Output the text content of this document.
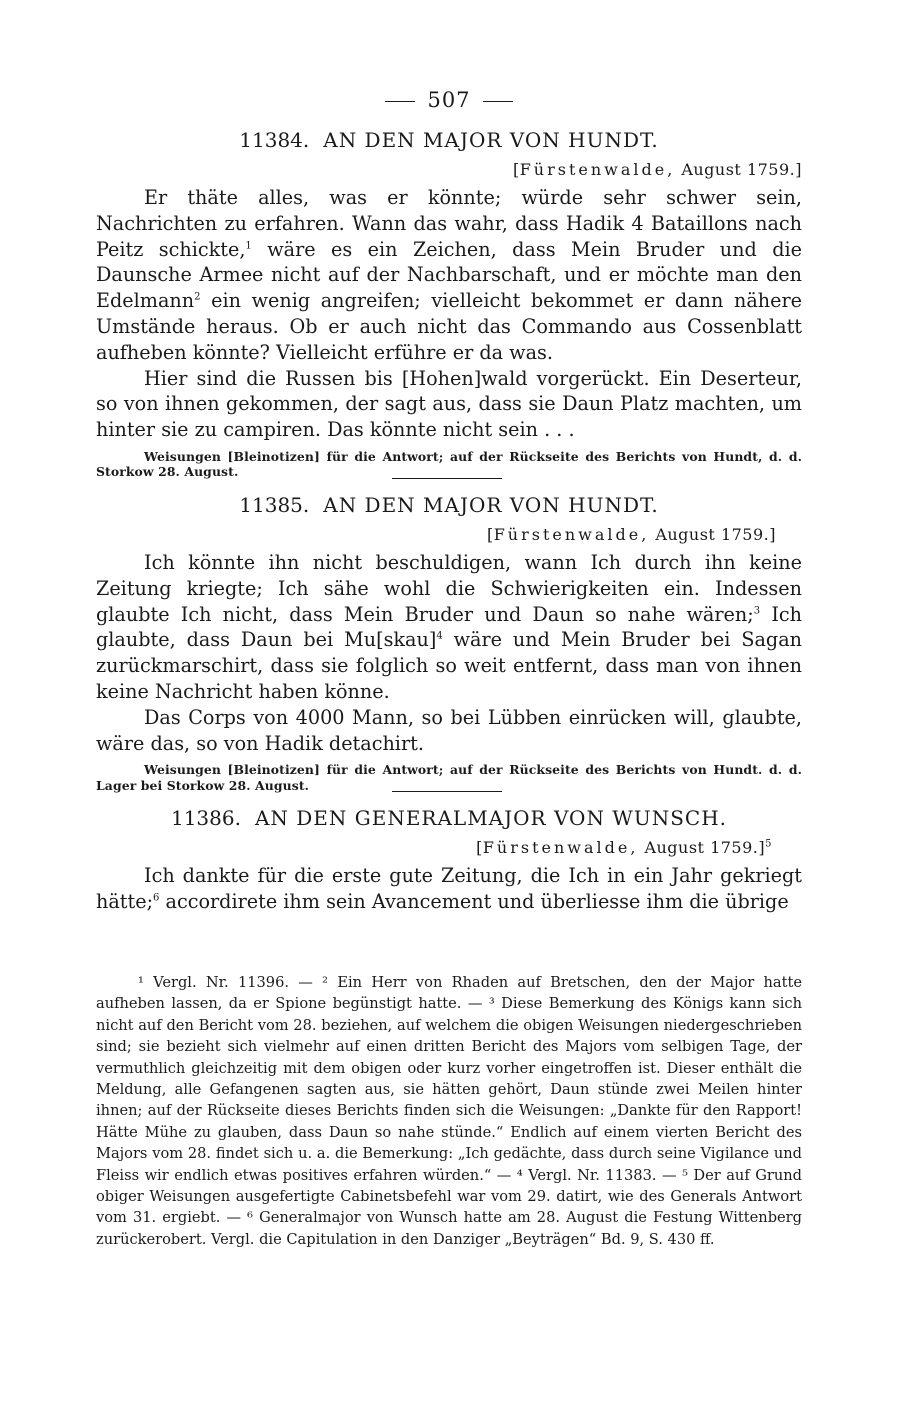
507
11384. AN DEN MAJOR VON HUNDT.
[Fürstenwalde, August 1759.]

Er thäte alles, was er könnte; würde sehr schwer sein, Nachrichten zu erfahren. Wann das wahr, dass Hadik 4 Bataillons nach Peitz schickte,$^1$ wäre es ein Zeichen, dass Mein Bruder und die Daunsche Armee nicht auf der Nachbarschaft, und er möchte man den Edelmann$^2$ ein wenig angreifen; vielleicht bekommet er dann nähere Umstände heraus. Ob er auch nicht das Commando aus Cossenblatt aufheben könnte? Vielleicht erführe er da was.

Hier sind die Russen bis [Hohen]wald vorgerückt. Ein Deserteur, so von ihnen gekommen, der sagt aus, dass sie Daun Platz machten, um hinter sie zu campiren. Das könnte nicht sein . . .

Weisungen [Bleinotizen] für die Antwort; auf der Rückseite des Berichts von Hundt, d. d. Storkow 28. August.
11385. AN DEN MAJOR VON HUNDT.
[Fürstenwalde, August 1759.]

Ich könnte ihn nicht beschuldigen, wann Ich durch ihn keine Zeitung kriegte; Ich sähe wohl die Schwierigkeiten ein. Indessen glaubte Ich nicht, dass Mein Bruder und Daun so nahe wären;$^3$ Ich glaubte, dass Daun bei Mu[skau]$^4$ wäre und Mein Bruder bei Sagan zurückmarschirt, dass sie folglich so weit entfernt, dass man von ihnen keine Nachricht haben könne.

Das Corps von 4000 Mann, so bei Lübben einrücken will, glaubte, wäre das, so von Hadik detachirt.

Weisungen [Bleinotizen] für die Antwort; auf der Rückseite des Berichts von Hundt. d. d. Lager bei Storkow 28. August.
11386. AN DEN GENERALMAJOR VON WUNSCH.
[Fürstenwalde, August 1759.]$^5$

Ich dankte für die erste gute Zeitung, die Ich in ein Jahr gekriegt hätte;$^6$ accordirete ihm sein Avancement und überliesse ihm die übrige

¹ Vergl. Nr. 11396. — ² Ein Herr von Rhaden auf Bretschen, den der Major hatte aufheben lassen, da er Spione begünstigt hatte. — ³ Diese Bemerkung des Königs kann sich nicht auf den Bericht vom 28. beziehen, auf welchem die obigen Weisungen niedergeschrieben sind; sie bezieht sich vielmehr auf einen dritten Bericht des Majors vom selbigen Tage, der vermuthlich gleichzeitig mit dem obigen oder kurz vorher eingetroffen ist. Dieser enthält die Meldung, alle Gefangenen sagten aus, sie hätten gehört, Daun stünde zwei Meilen hinter ihnen; auf der Rückseite dieses Berichts finden sich die Weisungen: „Dankte für den Rapport! Hätte Mühe zu glauben, dass Daun so nahe stünde.“ Endlich auf einem vierten Bericht des Majors vom 28. findet sich u. a. die Bemerkung: „Ich gedächte, dass durch seine Vigilance und Fleiss wir endlich etwas positives erfahren würden.“ — ⁴ Vergl. Nr. 11383. — ⁵ Der auf Grund obiger Weisungen ausgefertigte Cabinetsbefehl war vom 29. datirt, wie des Generals Antwort vom 31. ergiebt. — ⁶ Generalmajor von Wunsch hatte am 28. August die Festung Wittenberg zurückerobert. Vergl. die Capitulation in den Danziger „Beyträgen“ Bd. 9, S. 430 ff.
